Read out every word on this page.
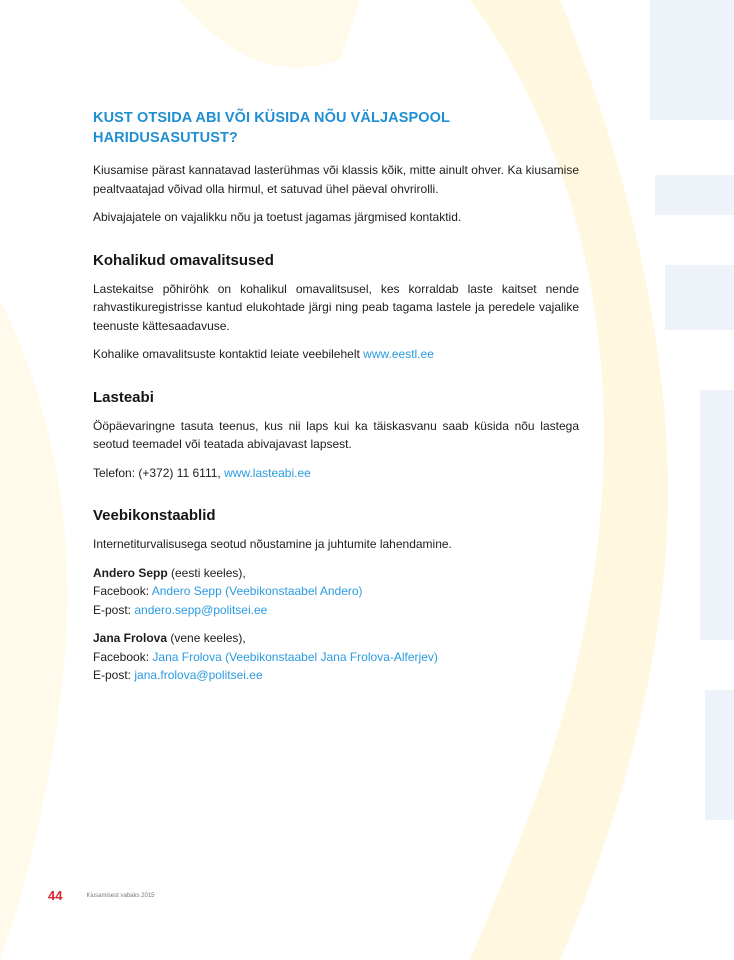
KUST OTSIDA ABI VÕI KÜSIDA NÕU VÄLJASPOOL HARIDUSASUTUST?

Kiusamise pärast kannatavad lasterühmas või klassis kõik, mitte ainult ohver. Ka kiusamise pealtvaatajad võivad olla hirmul, et satuvad ühel päeval ohvrirolli.

Abivajajatele on vajalikku nõu ja toetust jagamas järgmised kontaktid.

Kohalikud omavalitsused

Lastekaitse põhiröhk on kohalikul omavalitsusel, kes korraldab laste kaitset nende rahvastikuregistrisse kantud elukohtade järgi ning peab tagama lastele ja peredele vajalike teenuste kättesaadavuse.

Kohalike omavalitsuste kontaktid leiate veebilehelt www.eestl.ee

Lasteabi

Ööpäevaringne tasuta teenus, kus nii laps kui ka täiskasvanu saab küsida nõu lastega seotud teemadel või teatada abivajavast lapsest.

Telefon: (+372) 11 6111, www.lasteabi.ee

Veebikonstaablid

Internetiturvalisusega seotud nõustamine ja juhtumite lahendamine.

Andero Sepp (eesti keeles),
Facebook: Andero Sepp (Veebikonstaabel Andero)
E-post: andero.sepp@politsei.ee
Jana Frolova (vene keeles),
Facebook: Jana Frolova (Veebikonstaabel Jana Frolova-Alferjev)
E-post: jana.frolova@politsei.ee
44	Kiusamisest vabaks 2015
